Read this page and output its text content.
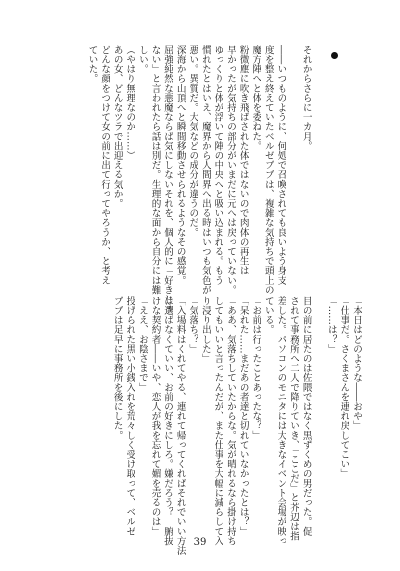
それからさらに一カ月。
――いつものように、何処で召喚されても良いよう身支
度を整え終えていたベルゼブブは、複雑な気持ちで頭上の
魔方陣へと体を委ねた。
粉微塵に吹き飛ばされた体ではないので肉体の再生は
早かったが気持ちの部分がいまだに元へは戻っていない。
ゆっくりと体が浮いて陣の中央へと吸い込まれる。もう
慣れたとはいえ、魔界から人間界へ出る時はいつも気色が
悪い。異質だ。大気などの成分が違うのだ。
深海から山頂へと瞬間移動させられるようなその感覚。
屈強純然な悪魔ならば気にしないそれを、個人的に「好きじゃ
ない」と言われたら話は別だ。生理的な面から自分には難
しい。
（やはり無理なのか……）
あの女、どんなツラで出迎える気か。
どんな顔をつけて女の前に出て行ってやろうか、と考え
ていた。
「本日はどのような――おや」
「仕事だ。さくまさんを連れ戻してこい」
「……は？」
目の前に居たのは佐隈ではなく黒ずくめの男だった。促
されて事務所へ二人で降りていき、「ここだ」と芥辺は指
差した。パソコンのモニタには大きなイベント会場が映っ
ている。
「お前は行ったことあったな？」
「呆れた……まだあの者達と切れていなかったとは？」
「ああ、気落ちしていたからな。気が晴れるなら掛け持ち
してもいいと言ったんだが、また仕事を大幅に減らして入
り浸り出した」
「気落ち？」
「入場料はくれてやる、連れて帰ってくればそれでいい方法
は選ばなくていい、お前の好きにしろ。嫌だろう？　腑抜
けな契約者――いや、恋人が我を忘れて媚を売るのは」
「ええ、お陰さまで」
投げられた黒い小銭入れを荒々しく受け取って、ベルゼ
ブブは足早に事務所を後にした。
39
